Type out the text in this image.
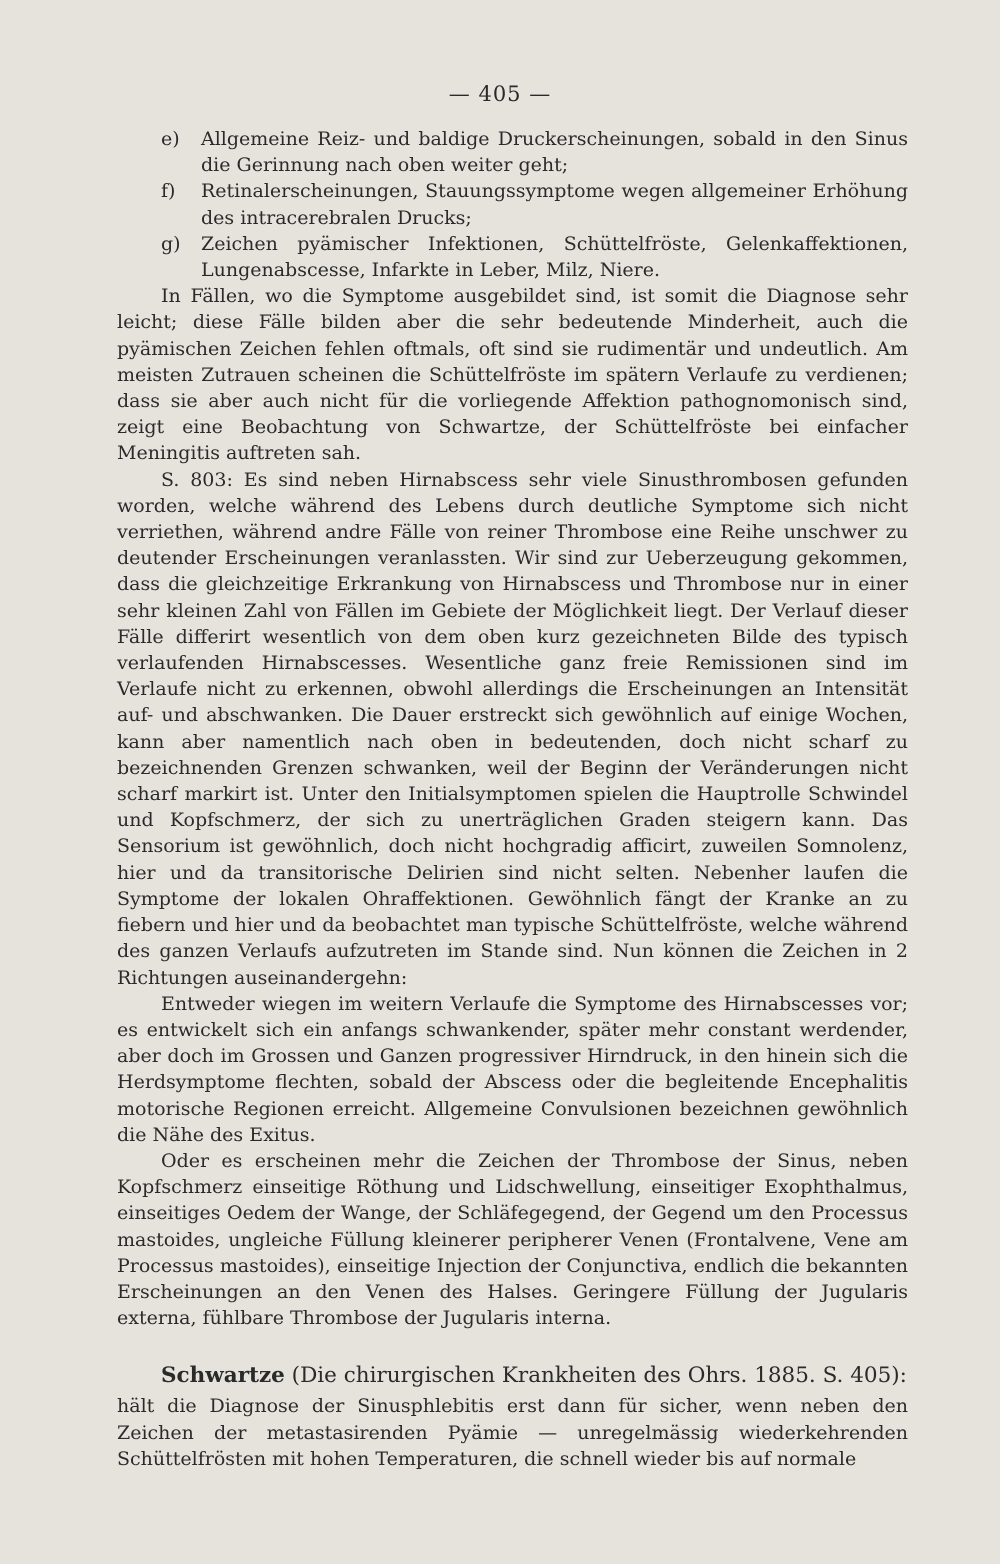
— 405 —
e) Allgemeine Reiz- und baldige Druckerscheinungen, sobald in den Sinus die Gerinnung nach oben weiter geht;
f) Retinalerscheinungen, Stauungssymptome wegen allgemeiner Erhöhung des intracerebralen Drucks;
g) Zeichen pyämischer Infektionen, Schüttelfröste, Gelenkaffektionen, Lungenabscesse, Infarkte in Leber, Milz, Niere.

In Fällen, wo die Symptome ausgebildet sind, ist somit die Diagnose sehr leicht; diese Fälle bilden aber die sehr bedeutende Minderheit, auch die pyämischen Zeichen fehlen oftmals, oft sind sie rudimentär und undeutlich. Am meisten Zutrauen scheinen die Schüttelfröste im spätern Verlaufe zu verdienen; dass sie aber auch nicht für die vorliegende Affektion pathognomonisch sind, zeigt eine Beobachtung von Schwartze, der Schüttelfröste bei einfacher Meningitis auftreten sah.

S. 803: Es sind neben Hirnabscess sehr viele Sinusthrombosen gefunden worden, welche während des Lebens durch deutliche Symptome sich nicht verriethen, während andre Fälle von reiner Thrombose eine Reihe unschwer zu deutender Erscheinungen veranlassten. Wir sind zur Ueberzeugung gekommen, dass die gleichzeitige Erkrankung von Hirnabscess und Thrombose nur in einer sehr kleinen Zahl von Fällen im Gebiete der Möglichkeit liegt. Der Verlauf dieser Fälle differirt wesentlich von dem oben kurz gezeichneten Bilde des typisch verlaufenden Hirnabscesses. Wesentliche ganz freie Remissionen sind im Verlaufe nicht zu erkennen, obwohl allerdings die Erscheinungen an Intensität auf- und abschwanken. Die Dauer erstreckt sich gewöhnlich auf einige Wochen, kann aber namentlich nach oben in bedeutenden, doch nicht scharf zu bezeichnenden Grenzen schwanken, weil der Beginn der Veränderungen nicht scharf markirt ist. Unter den Initialsymptomen spielen die Hauptrolle Schwindel und Kopfschmerz, der sich zu unerträglichen Graden steigern kann. Das Sensorium ist gewöhnlich, doch nicht hochgradig afficirt, zuweilen Somnolenz, hier und da transitorische Delirien sind nicht selten. Nebenher laufen die Symptome der lokalen Ohraffektionen. Gewöhnlich fängt der Kranke an zu fiebern und hier und da beobachtet man typische Schüttelfröste, welche während des ganzen Verlaufs aufzutreten im Stande sind. Nun können die Zeichen in 2 Richtungen auseinandergehn:

Entweder wiegen im weitern Verlaufe die Symptome des Hirnabscesses vor; es entwickelt sich ein anfangs schwankender, später mehr constant werdender, aber doch im Grossen und Ganzen progressiver Hirndruck, in den hinein sich die Herdsymptome flechten, sobald der Abscess oder die begleitende Encephalitis motorische Regionen erreicht. Allgemeine Convulsionen bezeichnen gewöhnlich die Nähe des Exitus.

Oder es erscheinen mehr die Zeichen der Thrombose der Sinus, neben Kopfschmerz einseitige Röthung und Lidschwellung, einseitiger Exophthalmus, einseitiges Oedem der Wange, der Schläfegegend, der Gegend um den Processus mastoides, ungleiche Füllung kleinerer peripherer Venen (Frontalvene, Vene am Processus mastoides), einseitige Injection der Conjunctiva, endlich die bekannten Erscheinungen an den Venen des Halses. Geringere Füllung der Jugularis externa, fühlbare Thrombose der Jugularis interna.

Schwartze (Die chirurgischen Krankheiten des Ohrs. 1885. S. 405):

hält die Diagnose der Sinusphlebitis erst dann für sicher, wenn neben den Zeichen der metastasirenden Pyämie — unregelmässig wiederkehrenden Schüttelfrösten mit hohen Temperaturen, die schnell wieder bis auf normale
